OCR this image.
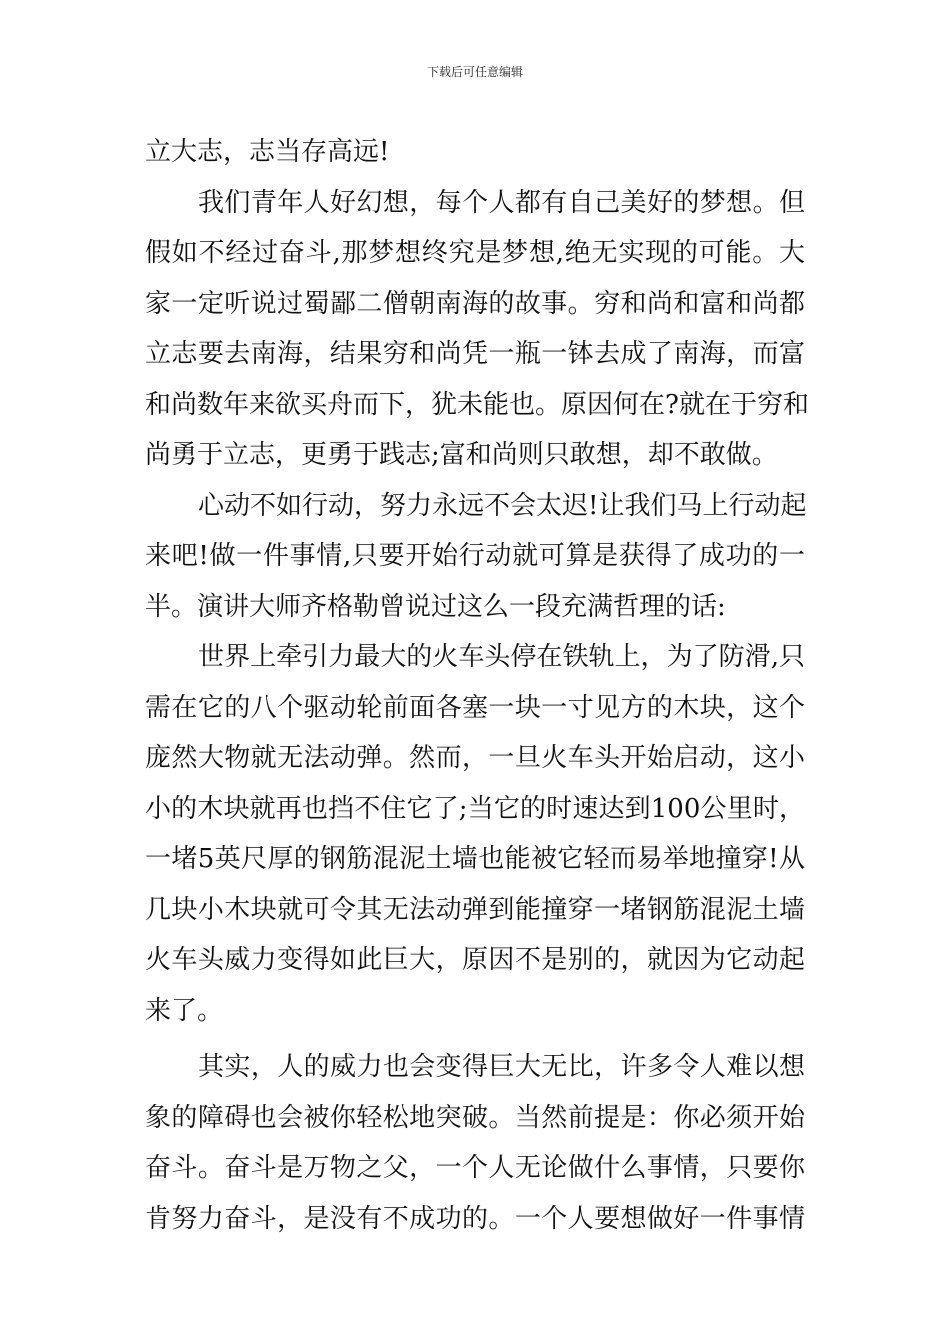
下载后可任意编辑
立大志，志当存高远!
我们青年人好幻想，每个人都有自己美好的梦想。但
假如不经过奋斗,那梦想终究是梦想,绝无实现的可能。大
家一定听说过蜀鄙二僧朝南海的故事。穷和尚和富和尚都
立志要去南海，结果穷和尚凭一瓶一钵去成了南海，而富
和尚数年来欲买舟而下，犹未能也。原因何在?就在于穷和
尚勇于立志，更勇于践志;富和尚则只敢想，却不敢做。
心动不如行动，努力永远不会太迟!让我们马上行动起
来吧!做一件事情,只要开始行动就可算是获得了成功的一
半。演讲大师齐格勒曾说过这么一段充满哲理的话:
世界上牵引力最大的火车头停在铁轨上，为了防滑,只
需在它的八个驱动轮前面各塞一块一寸见方的木块，这个
庞然大物就无法动弹。然而，一旦火车头开始启动，这小
小的木块就再也挡不住它了;当它的时速达到100公里时，
一堵5英尺厚的钢筋混泥土墙也能被它轻而易举地撞穿!从
几块小木块就可令其无法动弹到能撞穿一堵钢筋混泥土墙
火车头威力变得如此巨大，原因不是别的，就因为它动起
来了。
其实，人的威力也会变得巨大无比，许多令人难以想
象的障碍也会被你轻松地突破。当然前提是：你必须开始
奋斗。奋斗是万物之父，一个人无论做什么事情，只要你
肯努力奋斗，是没有不成功的。一个人要想做好一件事情
